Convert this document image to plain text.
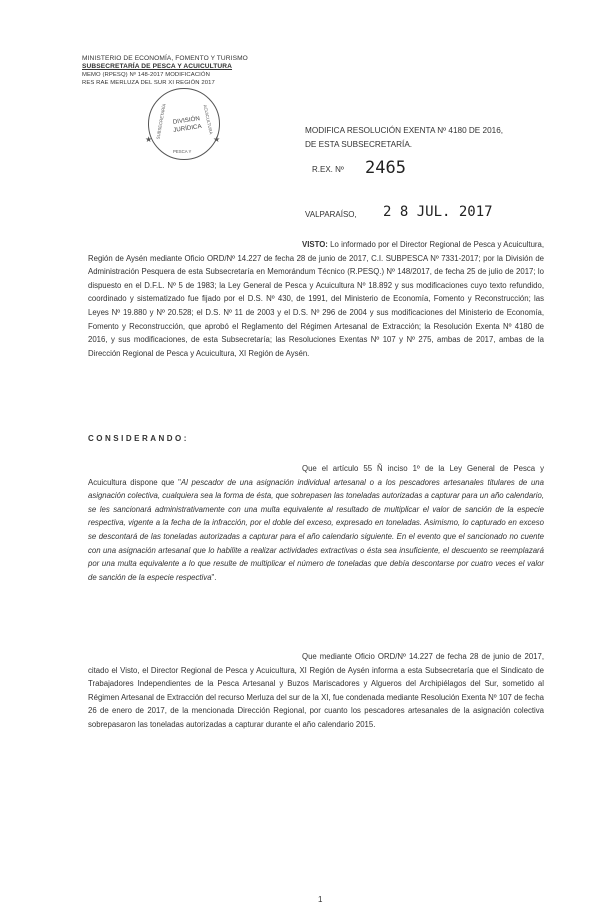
MINISTERIO DE ECONOMÍA, FOMENTO Y TURISMO
SUBSECRETARÍA DE PESCA Y ACUICULTURA
MEMO (RPESQ) Nº 148-2017 MODIFICACIÓN
RES RAE MERLUZA DEL SUR XI REGIÓN 2017
SUBSECRETARÍA	ACUICULTURA
PESCA Y
★	★
DIVISIÓN
JURÍDICA	MODIFICA RESOLUCIÓN EXENTA Nº 4180 DE 2016,
DE ESTA SUBSECRETARÍA.
R.EX. Nº 2465
VALPARAÍSO, 2 8 JUL. 2017
VISTO: Lo informado por el Director Regional de Pesca y Acuicultura, Región de Aysén mediante Oficio ORD/Nº 14.227 de fecha 28 de junio de 2017, C.I. SUBPESCA Nº 7331-2017; por la División de Administración Pesquera de esta Subsecretaría en Memorándum Técnico (R.PESQ.) Nº 148/2017, de fecha 25 de julio de 2017; lo dispuesto en el D.F.L. Nº 5 de 1983; la Ley General de Pesca y Acuicultura Nº 18.892 y sus modificaciones cuyo texto refundido, coordinado y sistematizado fue fijado por el D.S. Nº 430, de 1991, del Ministerio de Economía, Fomento y Reconstrucción; las Leyes Nº 19.880 y Nº 20.528; el D.S. Nº 11 de 2003 y el D.S. Nº 296 de 2004 y sus modificaciones del Ministerio de Economía, Fomento y Reconstrucción, que aprobó el Reglamento del Régimen Artesanal de Extracción; la Resolución Exenta Nº 4180 de 2016, y sus modificaciones, de esta Subsecretaría; las Resoluciones Exentas Nº 107 y Nº 275, ambas de 2017, ambas de la Dirección Regional de Pesca y Acuicultura, XI Región de Aysén.
CONSIDERANDO:
Que el artículo 55 Ñ inciso 1º de la Ley General de Pesca y Acuicultura dispone que "Al pescador de una asignación individual artesanal o a los pescadores artesanales titulares de una asignación colectiva, cualquiera sea la forma de ésta, que sobrepasen las toneladas autorizadas a capturar para un año calendario, se les sancionará administrativamente con una multa equivalente al resultado de multiplicar el valor de sanción de la especie respectiva, vigente a la fecha de la infracción, por el doble del exceso, expresado en toneladas. Asimismo, lo capturado en exceso se descontará de las toneladas autorizadas a capturar para el año calendario siguiente. En el evento que el sancionado no cuente con una asignación artesanal que lo habilite a realizar actividades extractivas o ésta sea insuficiente, el descuento se reemplazará por una multa equivalente a lo que resulte de multiplicar el número de toneladas que debía descontarse por cuatro veces el valor de sanción de la especie respectiva".
Que mediante Oficio ORD/Nº 14.227 de fecha 28 de junio de 2017, citado el Visto, el Director Regional de Pesca y Acuicultura, XI Región de Aysén informa a esta Subsecretaría que el Sindicato de Trabajadores Independientes de la Pesca Artesanal y Buzos Mariscadores y Algueros del Archipiélagos del Sur, sometido al Régimen Artesanal de Extracción del recurso Merluza del sur de la XI, fue condenada mediante Resolución Exenta Nº 107 de fecha 26 de enero de 2017, de la mencionada Dirección Regional, por cuanto los pescadores artesanales de la asignación colectiva sobrepasaron las toneladas autorizadas a capturar durante el año calendario 2015.
1
